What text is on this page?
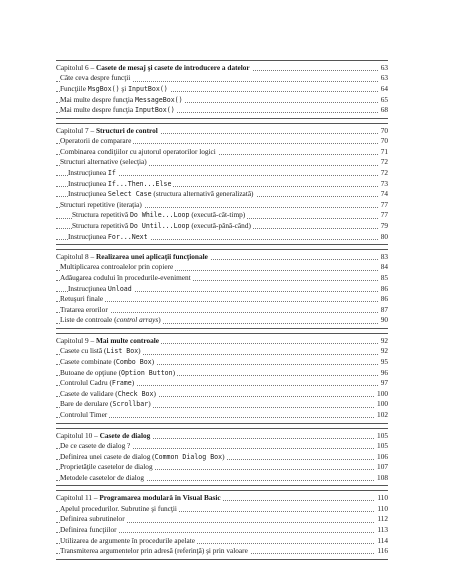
Capitolul 6 – Casete de mesaj şi casete de introducere a datelor	63
Câte ceva despre funcţii	63
Funcţiile MsgBox() şi InputBox()	64
Mai multe despre funcţia MessageBox()	65
Mai multe despre funcţia InputBox()	68
Capitolul 7 – Structuri de control	70
Operatorii de comparare	70
Combinarea condiţiilor cu ajutorul operatorilor logici	71
Structuri alternative (selecţia)	72
Instrucţiunea If	72
Instrucţiunea If...Then...Else	73
Instrucţiunea Select Case (structura alternativă generalizată)	74
Structuri repetitive (iteraţia)	77
Structura repetitivă Do While...Loop (execută-cât-timp)	77
Structura repetitivă Do Until...Loop (execută-până-când)	79
Instrucţiunea For...Next	80
Capitolul 8 – Realizarea unei aplicaţii funcţionale	83
Multiplicarea controalelor prin copiere	84
Adăugarea codului în procedurile-eveniment	85
Instrucţiunea Unload	86
Retuşuri finale	86
Tratarea erorilor	87
Liste de controale (control arrays)	90
Capitolul 9 – Mai multe controale	92
Casete cu listă (List Box)	92
Casete combinate (Combo Box)	95
Butoane de opţiune (Option Button)	96
Controlul Cadru (Frame)	97
Casete de validare (Check Box)	100
Bare de derulare (Scrollbar)	100
Controlul Timer	102
Capitolul 10 – Casete de dialog	105
De ce casete de dialog ?	105
Definirea unei casete de dialog (Common Dialog Box)	106
Proprietăţile casetelor de dialog	107
Metodele casetelor de dialog	108
Capitolul 11 – Programarea modulară în Visual Basic	110
Apelul procedurilor. Subrutine şi funcţii	110
Definirea subrutinelor	112
Definirea funcţiilor	113
Utilizarea de argumente în procedurile apelate	114
Transmiterea argumentelor prin adresă (referinţă) şi prin valoare	116
